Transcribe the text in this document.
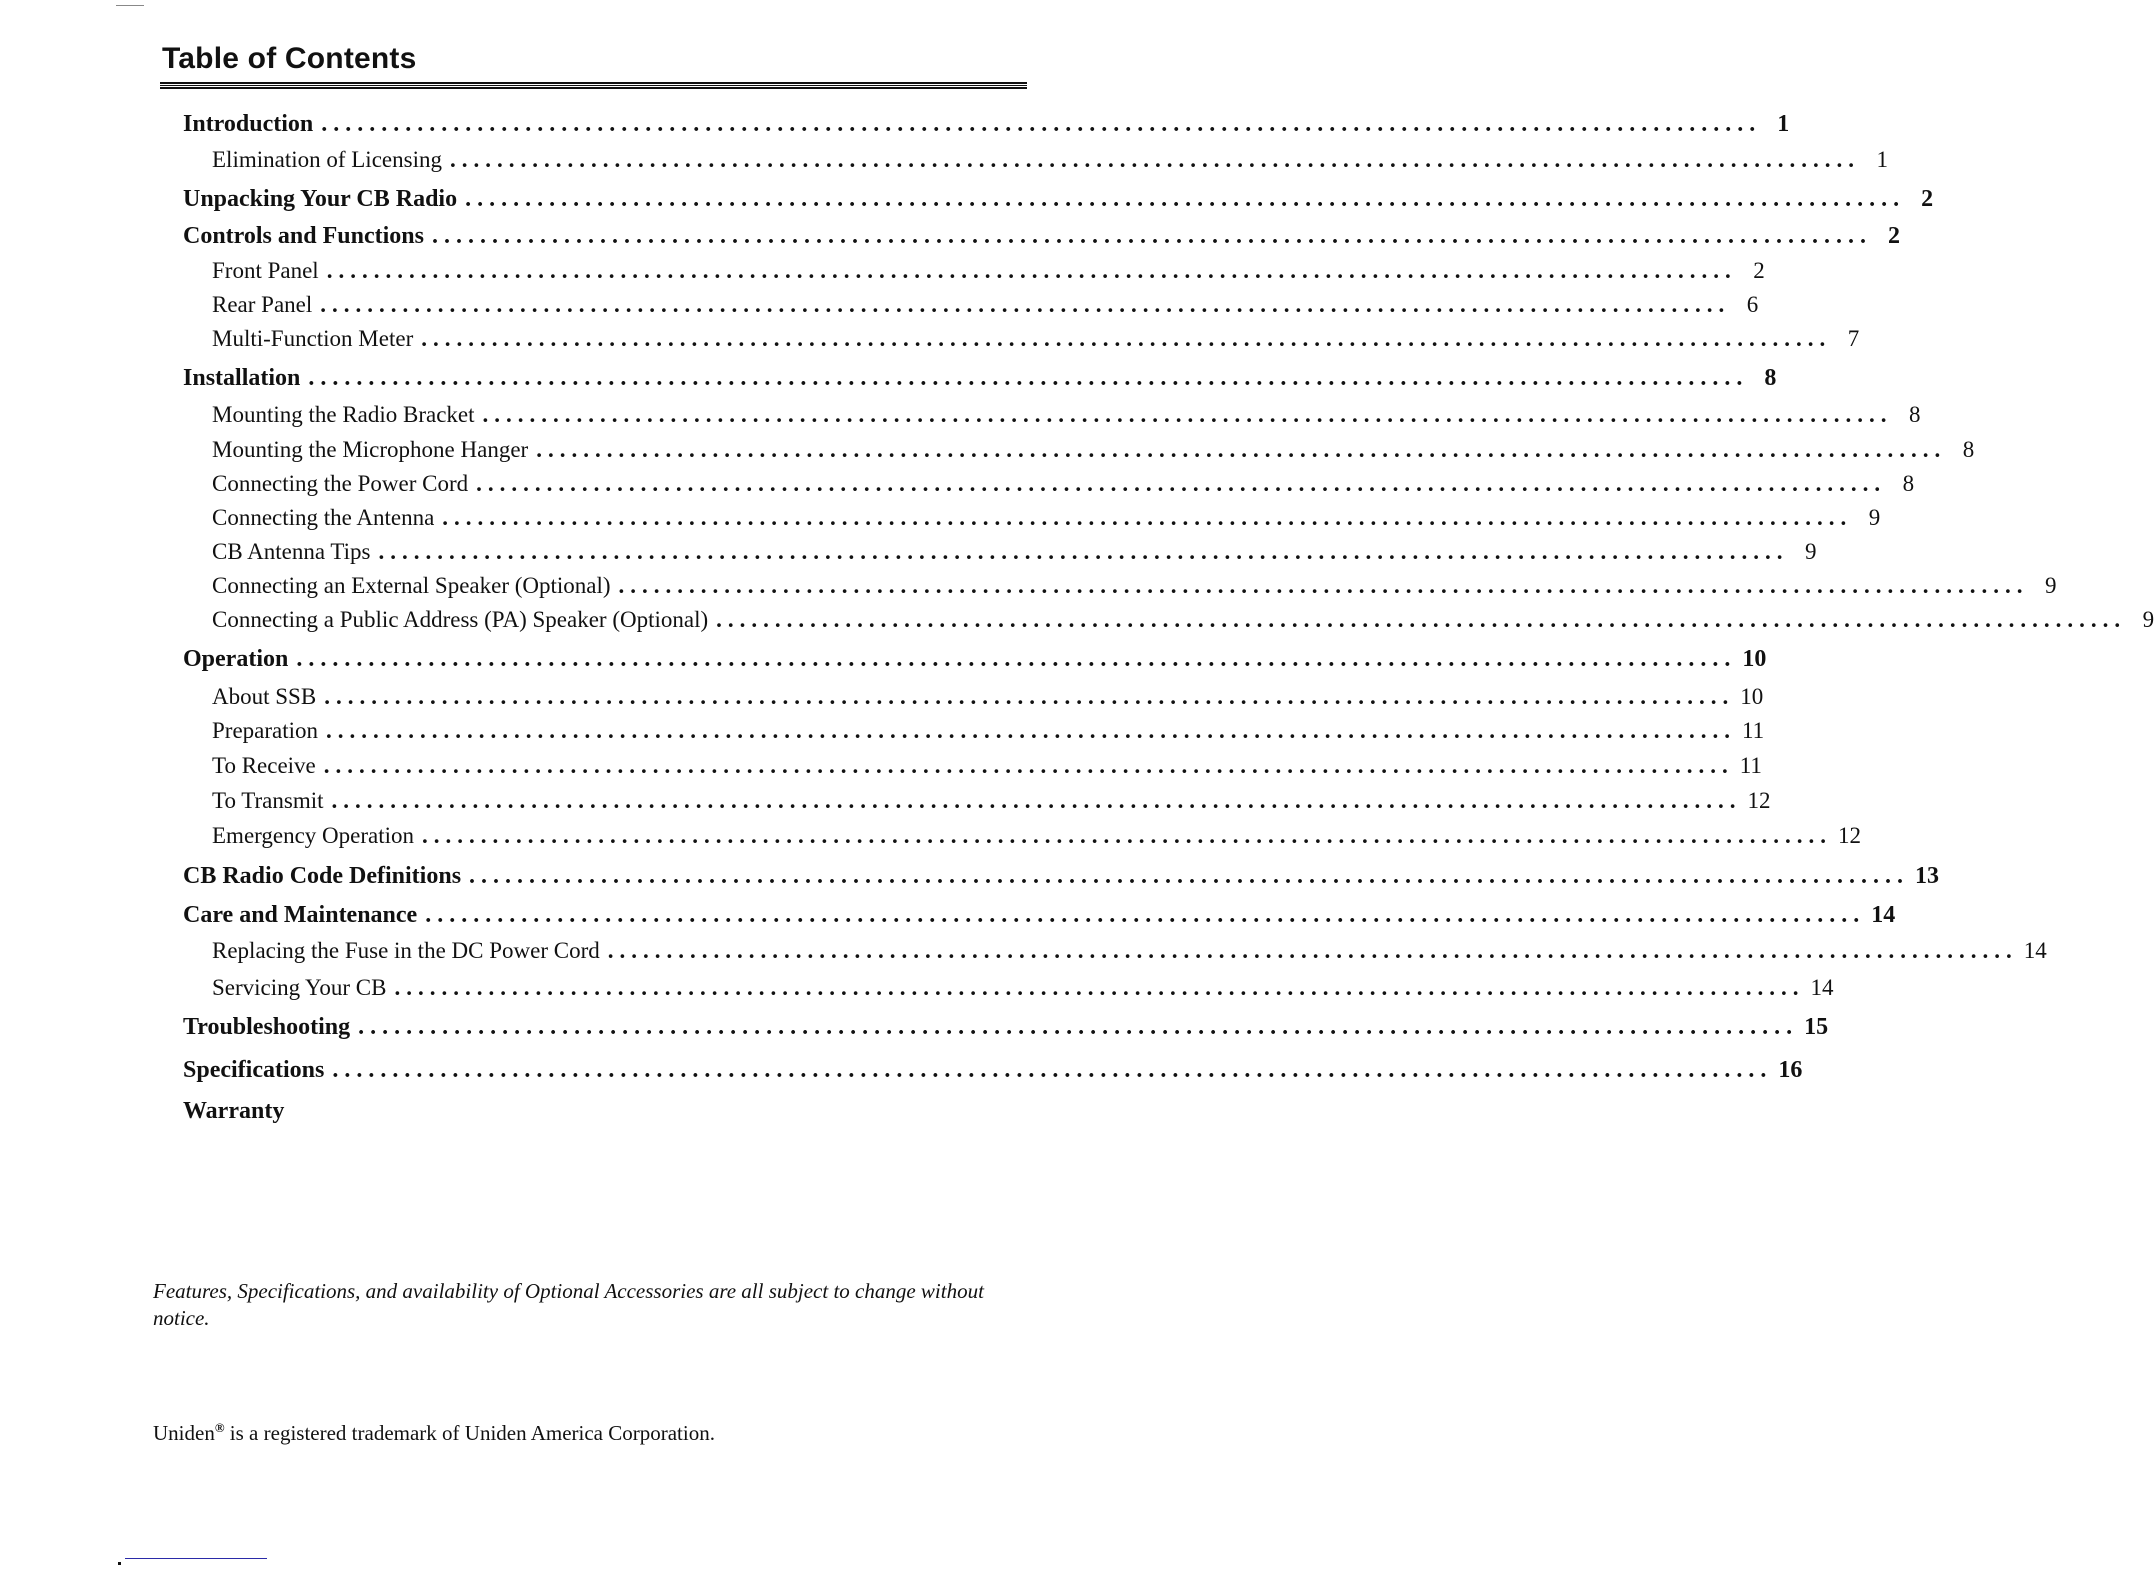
Table of Contents
Introduction ........................................................................................................................ 1
Elimination of Licensing ........................................................................................................................ 1
Unpacking Your CB Radio ........................................................................................................................ 2
Controls and Functions ........................................................................................................................ 2
Front Panel ........................................................................................................................ 2
Rear Panel ........................................................................................................................ 6
Multi-Function Meter ........................................................................................................................ 7
Installation ........................................................................................................................ 8
Mounting the Radio Bracket ........................................................................................................................ 8
Mounting the Microphone Hanger ........................................................................................................................ 8
Connecting the Power Cord ........................................................................................................................ 8
Connecting the Antenna ........................................................................................................................ 9
CB Antenna Tips ........................................................................................................................ 9
Connecting an External Speaker (Optional) ........................................................................................................................ 9
Connecting a Public Address (PA) Speaker (Optional) ........................................................................................................................ 9
Operation ........................................................................................................................ 10
About SSB ........................................................................................................................ 10
Preparation ........................................................................................................................ 11
To Receive ........................................................................................................................ 11
To Transmit ........................................................................................................................ 12
Emergency Operation ........................................................................................................................ 12
CB Radio Code Definitions ........................................................................................................................ 13
Care and Maintenance ........................................................................................................................ 14
Replacing the Fuse in the DC Power Cord ........................................................................................................................ 14
Servicing Your CB ........................................................................................................................ 14
Troubleshooting ........................................................................................................................ 15
Specifications ........................................................................................................................ 16
Warranty

Features, Specifications, and availability of Optional Accessories are all subject to change without notice.

Uniden® is a registered trademark of Uniden America Corporation.
